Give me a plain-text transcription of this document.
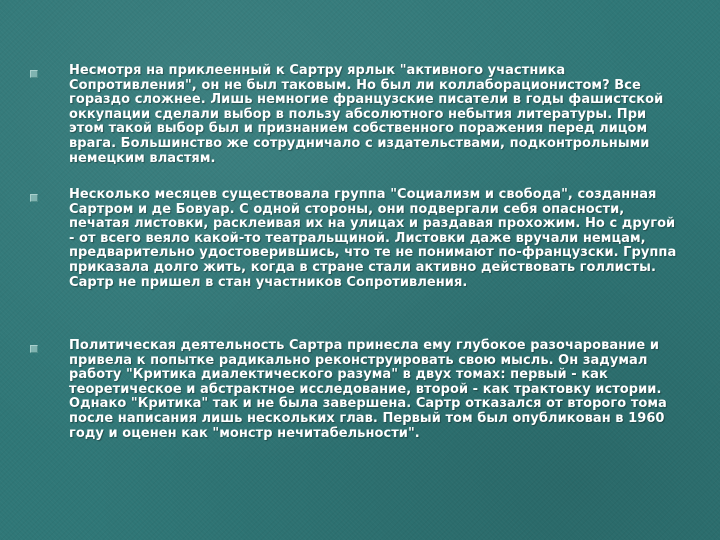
Несмотря на приклеенный к Сартру ярлык "активного участника Сопротивления", он не был таковым. Но был ли коллаборационистом? Все гораздо сложнее. Лишь немногие французские писатели в годы фашистской оккупации сделали выбор в пользу абсолютного небытия литературы. При этом такой выбор был и признанием собственного поражения перед лицом врага. Большинство же сотрудничало с издательствами, подконтрольными немецким властям.

Несколько месяцев существовала группа "Социализм и свобода", созданная Сартром и де Бовуар. С одной стороны, они подвергали себя опасности, печатая листовки, расклеивая их на улицах и раздавая прохожим. Но с другой - от всего веяло какой-то театральщиной. Листовки даже вручали немцам, предварительно удостоверившись, что те не понимают по-французски. Группа приказала долго жить, когда в стране стали активно действовать голлисты. Сартр не пришел в стан участников Сопротивления.

Политическая деятельность Сартра принесла ему глубокое разочарование и привела к попытке радикально реконструировать свою мысль. Он задумал работу "Критика диалектического разума" в двух томах: первый - как теоретическое и абстрактное исследование, второй - как трактовку истории. Однако "Критика" так и не была завершена. Сартр отказался от второго тома после написания лишь нескольких глав. Первый том был опубликован в 1960 году и оценен как "монстр нечитабельности".
